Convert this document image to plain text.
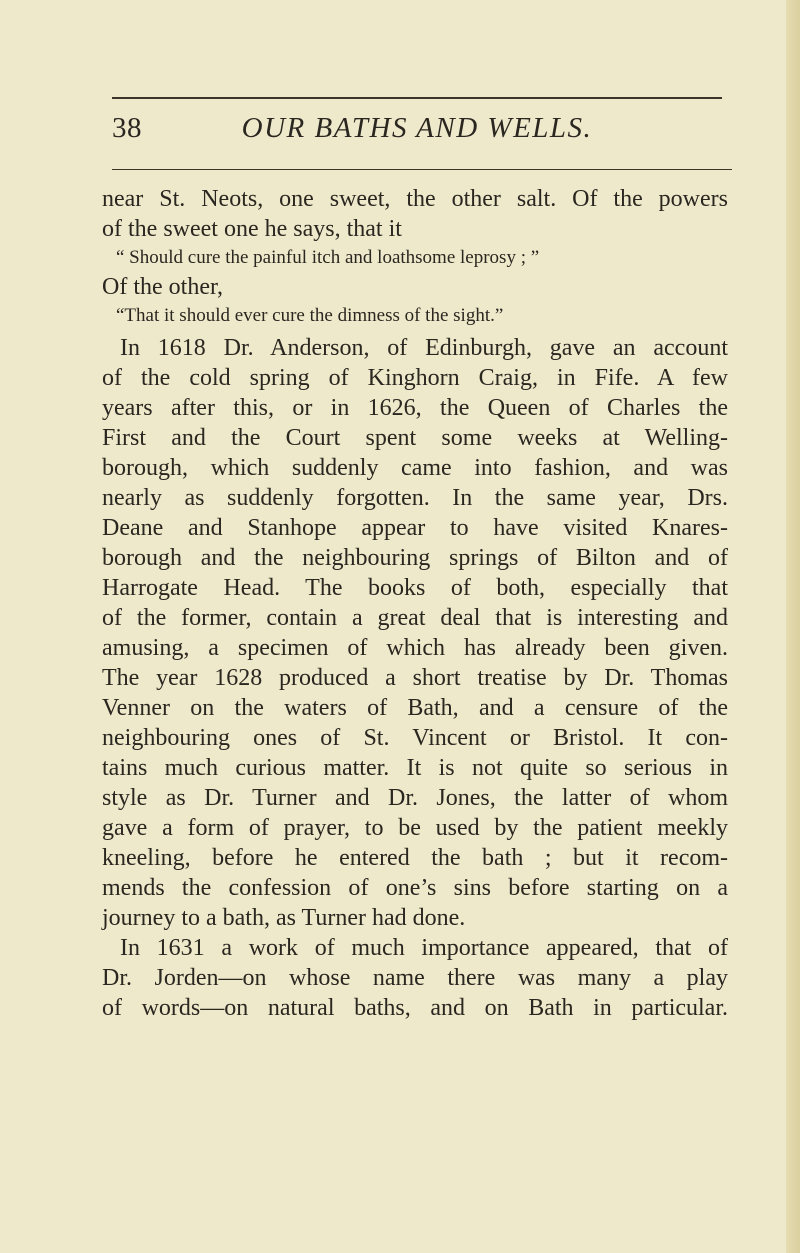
38	OUR BATHS AND WELLS.
near St. Neots, one sweet, the other salt. Of the powers
of the sweet one he says, that it
“ Should cure the painful itch and loathsome leprosy ; ”
Of the other,
“That it should ever cure the dimness of the sight.”
In 1618 Dr. Anderson, of Edinburgh, gave an account
of the cold spring of Kinghorn Craig, in Fife. A few
years after this, or in 1626, the Queen of Charles the
First and the Court spent some weeks at Welling-
borough, which suddenly came into fashion, and was
nearly as suddenly forgotten. In the same year, Drs.
Deane and Stanhope appear to have visited Knares-
borough and the neighbouring springs of Bilton and of
Harrogate Head. The books of both, especially that
of the former, contain a great deal that is interesting and
amusing, a specimen of which has already been given.
The year 1628 produced a short treatise by Dr. Thomas
Venner on the waters of Bath, and a censure of the
neighbouring ones of St. Vincent or Bristol. It con-
tains much curious matter. It is not quite so serious in
style as Dr. Turner and Dr. Jones, the latter of whom
gave a form of prayer, to be used by the patient meekly
kneeling, before he entered the bath ; but it recom-
mends the confession of one’s sins before starting on a
journey to a bath, as Turner had done.
In 1631 a work of much importance appeared, that of
Dr. Jorden—on whose name there was many a play
of words—on natural baths, and on Bath in particular.
